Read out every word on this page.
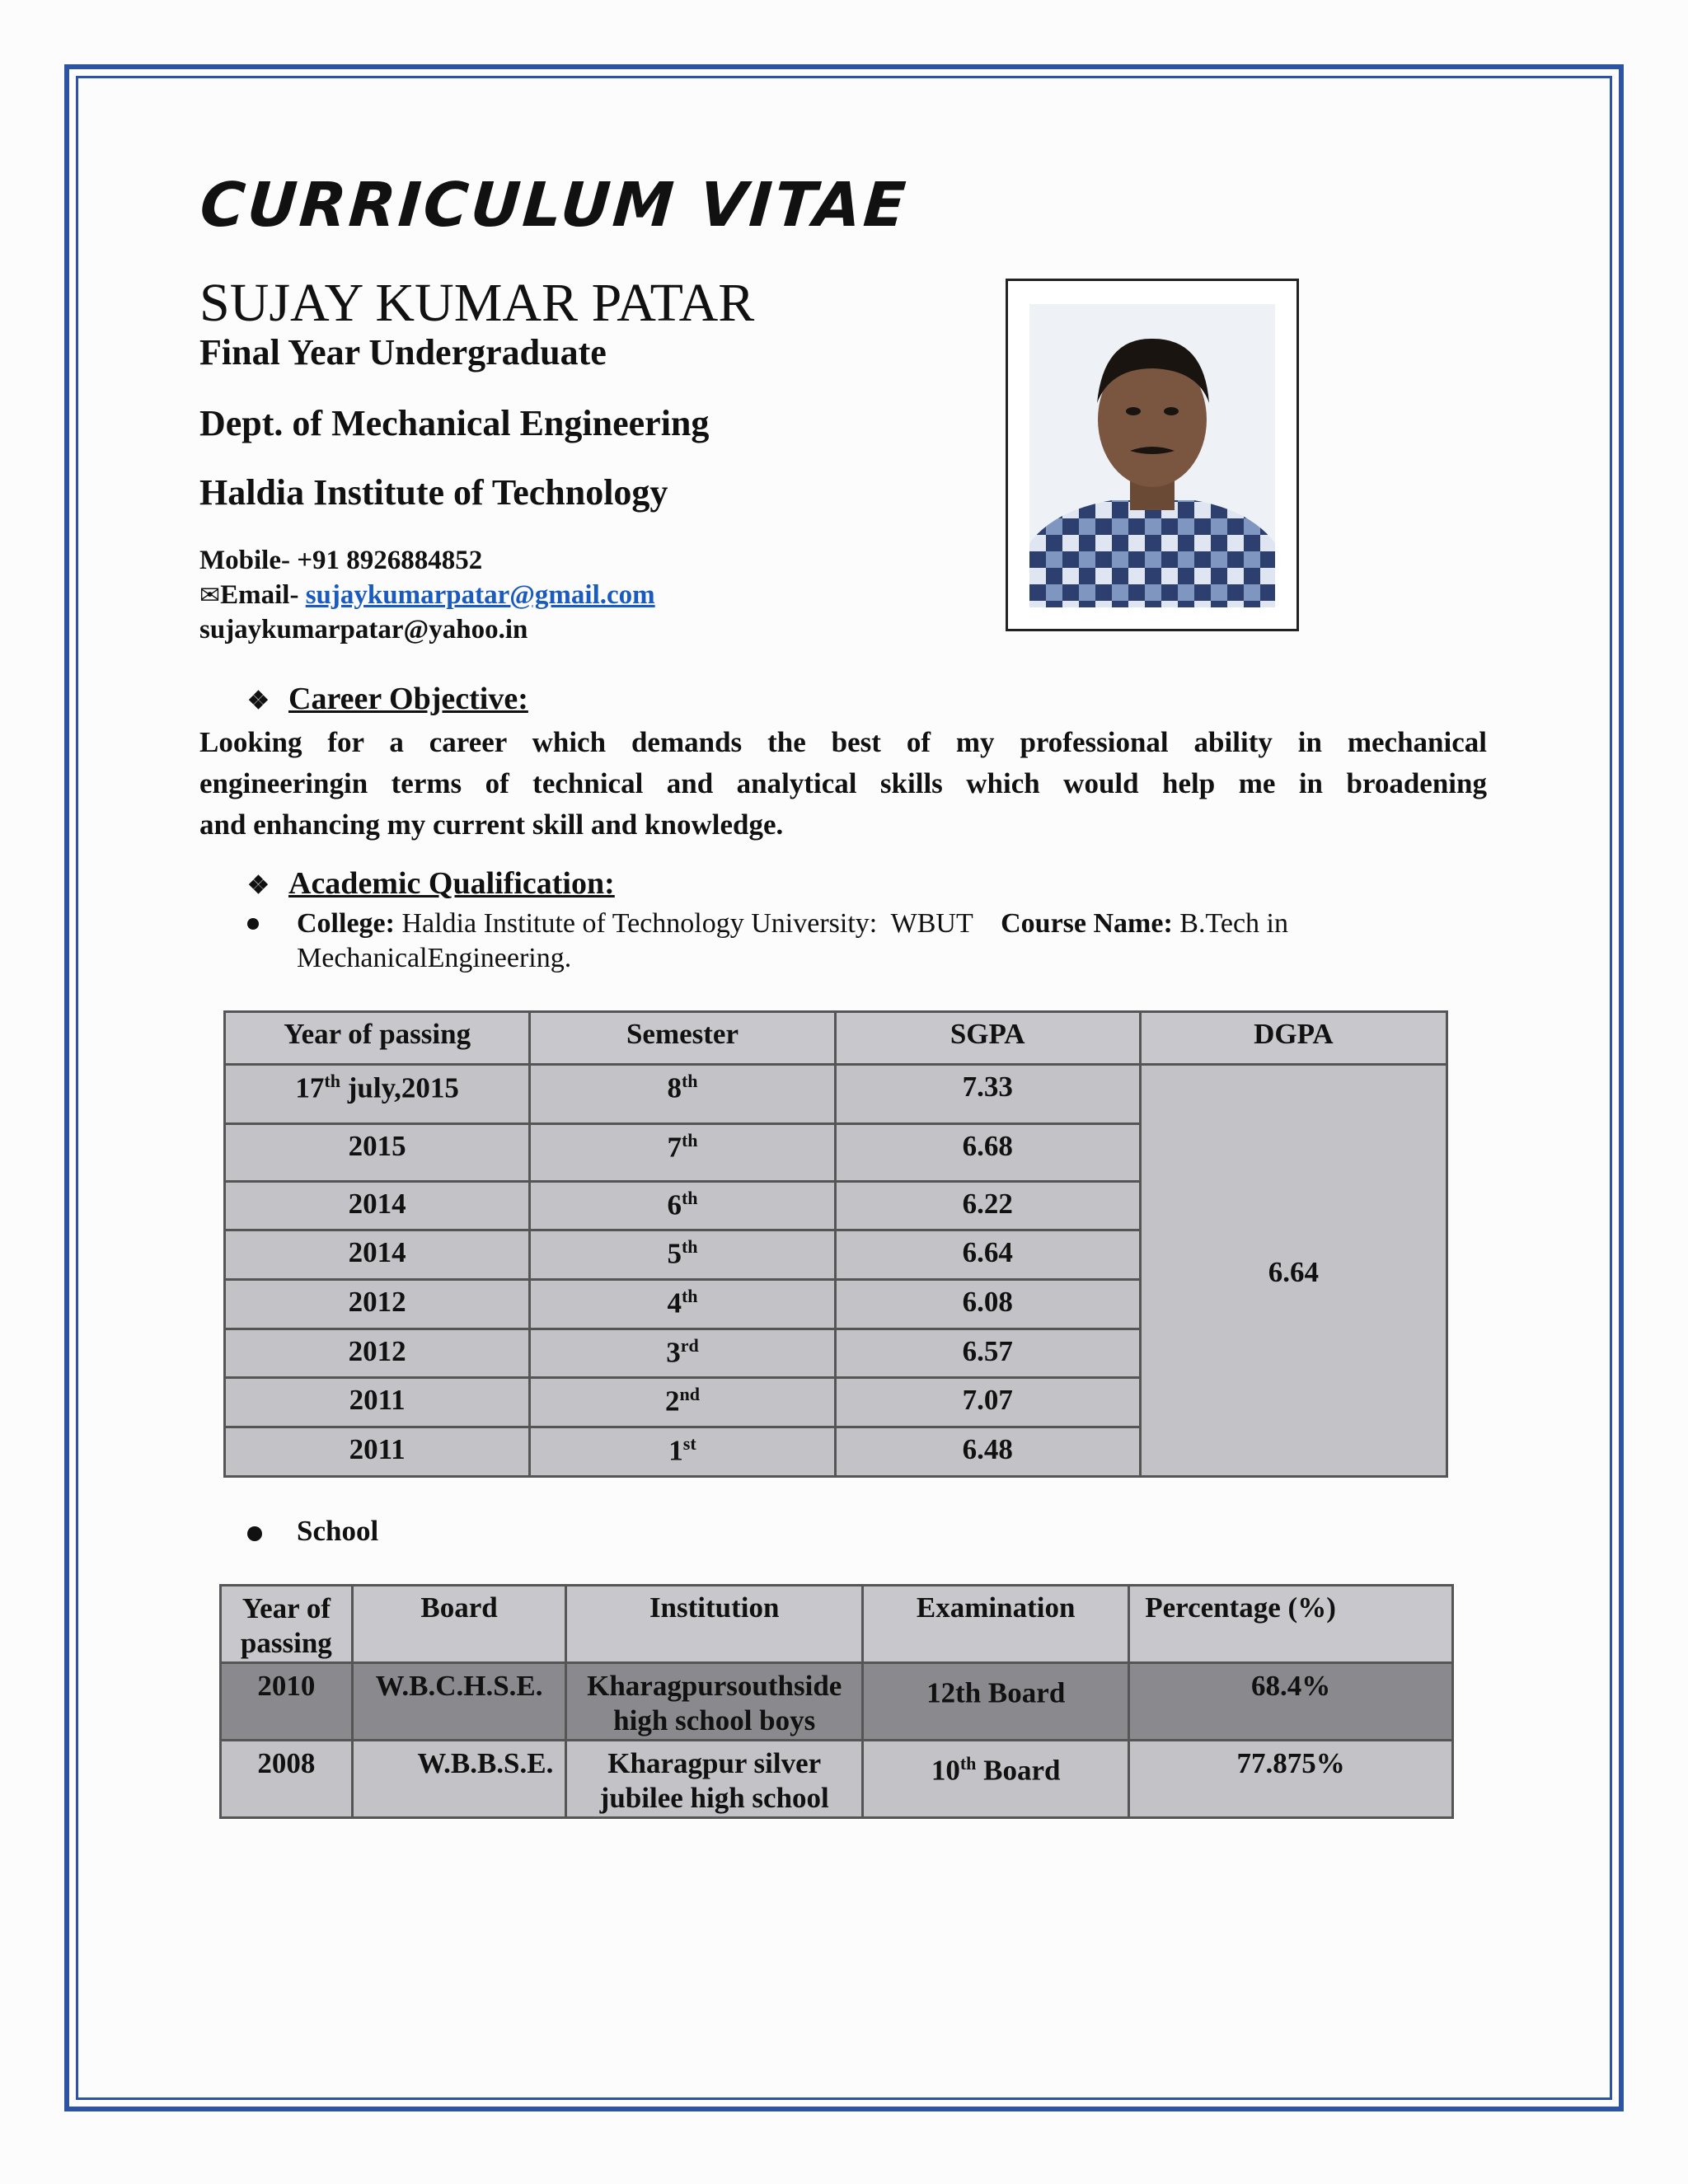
CURRICULUM VITAE
SUJAY KUMAR PATAR
Final Year Undergraduate
Dept. of Mechanical Engineering
Haldia Institute of Technology
Mobile- +91 8926884852
✉Email- sujaykumarpatar@gmail.com
sujaykumarpatar@yahoo.in
❖ Career Objective:
Looking for a career which demands the best of my professional ability in mechanical
engineeringin terms of technical and analytical skills which would help me in broadening
and enhancing my current skill and knowledge.
❖ Academic Qualification:
College: Haldia Institute of Technology University:  WBUT    Course Name: B.Tech in
MechanicalEngineering.
Year of passing	Semester	SGPA	DGPA
17th july,2015	8th	7.33	6.64
2015	7th	6.68	
2014	6th	6.22	
2014	5th	6.64	
2012	4th	6.08	
2012	3rd	6.57	
2011	2nd	7.07	
2011	1st	6.48	
School
Year of
passing	Board	Institution	Examination	Percentage (%)
2010	W.B.C.H.S.E.	Kharagpursouthside
high school boys	12th Board	68.4%
2008	W.B.B.S.E.	Kharagpur silver
jubilee high school	10th Board	77.875%
